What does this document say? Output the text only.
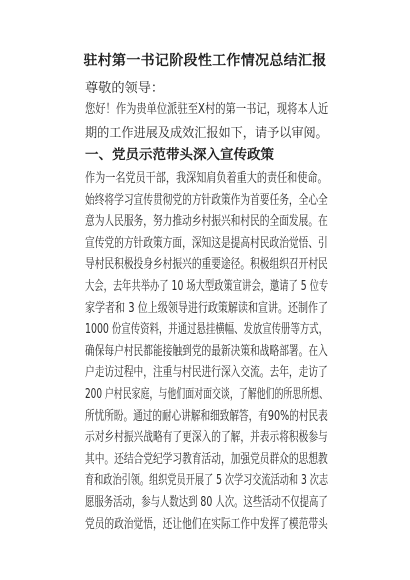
驻村第一书记阶段性工作情况总结汇报
尊敬的领导：
您好！作为贵单位派驻至X村的第一书记，现将本人近
期的工作进展及成效汇报如下，请予以审阅。
一、党员示范带头深入宣传政策
作为一名党员干部，我深知肩负着重大的责任和使命。
始终将学习宣传贯彻党的方针政策作为首要任务，全心全
意为人民服务，努力推动乡村振兴和村民的全面发展。在
宣传党的方针政策方面，深知这是提高村民政治觉悟、引
导村民积极投身乡村振兴的重要途径。积极组织召开村民
大会，去年共举办了 10 场大型政策宣讲会，邀请了 5 位专
家学者和 3 位上级领导进行政策解读和宣讲。还制作了
1000 份宣传资料，并通过悬挂横幅、发放宣传册等方式，
确保每户村民都能接触到党的最新决策和战略部署。在入
户走访过程中，注重与村民进行深入交流。去年，走访了
200 户村民家庭，与他们面对面交谈，了解他们的所思所想、
所忧所盼。通过的耐心讲解和细致解答，有90%的村民表
示对乡村振兴战略有了更深入的了解，并表示将积极参与
其中。还结合党纪学习教育活动，加强党员群众的思想教
育和政治引领。组织党员开展了 5 次学习交流活动和 3 次志
愿服务活动，参与人数达到 80 人次。这些活动不仅提高了
党员的政治觉悟，还让他们在实际工作中发挥了模范带头
